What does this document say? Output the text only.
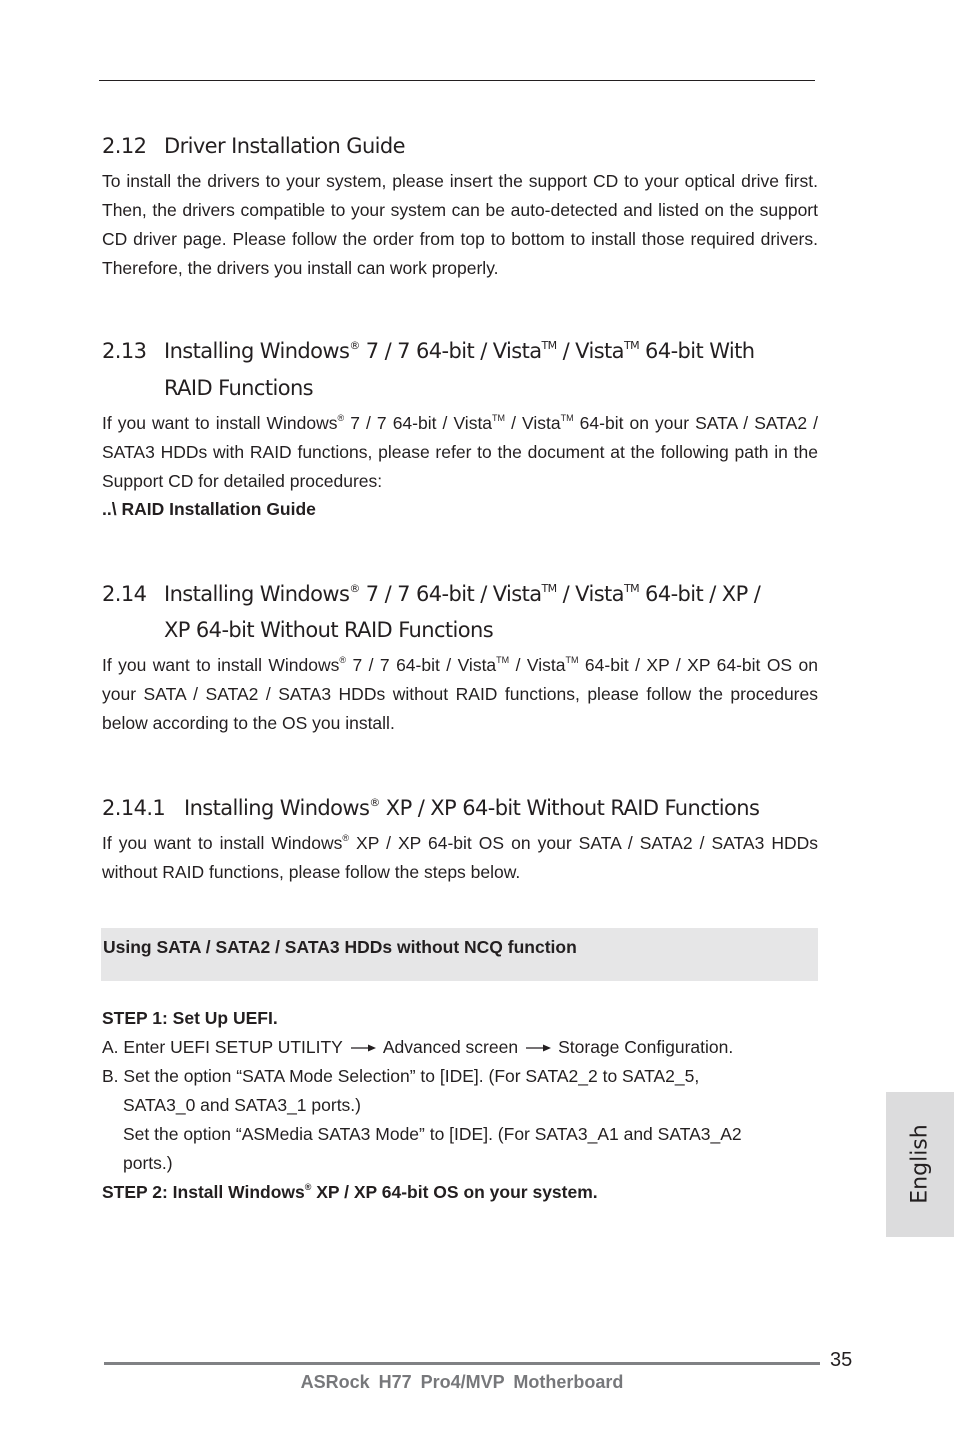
2.12 Driver Installation Guide
To install the drivers to your system, please insert the support CD to your optical drive first. Then, the drivers compatible to your system can be auto-detected and listed on the support CD driver page. Please follow the order from top to bottom to install those required drivers. Therefore, the drivers you install can work properly.
2.13 Installing Windows® 7 / 7 64-bit / Vista™ / Vista™ 64-bit With
RAID Functions
If you want to install Windows® 7 / 7 64-bit / Vista™ / Vista™ 64-bit on your SATA / SATA2 / SATA3 HDDs with RAID functions, please refer to the document at the following path in the Support CD for detailed procedures:
..\ RAID Installation Guide
2.14 Installing Windows® 7 / 7 64-bit / Vista™ / Vista™ 64-bit / XP /
XP 64-bit Without RAID Functions
If you want to install Windows® 7 / 7 64-bit / Vista™ / Vista™ 64-bit / XP / XP 64-bit OS on your SATA / SATA2 / SATA3 HDDs without RAID functions, please follow the procedures below according to the OS you install.
2.14.1 Installing Windows® XP / XP 64-bit Without RAID Functions
If you want to install Windows® XP / XP 64-bit OS on your SATA / SATA2 / SATA3 HDDs without RAID functions, please follow the steps below.
Using SATA / SATA2 / SATA3 HDDs without NCQ function
STEP 1: Set Up UEFI.
A. Enter UEFI SETUP UTILITY Advanced screen Storage Configuration.
B. Set the option “SATA Mode Selection” to [IDE]. (For SATA2_2 to SATA2_5,
SATA3_0 and SATA3_1 ports.)
Set the option “ASMedia SATA3 Mode” to [IDE]. (For SATA3_A1 and SATA3_A2
ports.)
STEP 2: Install Windows® XP / XP 64-bit OS on your system.	English
35
ASRock H77 Pro4/MVP Motherboard
